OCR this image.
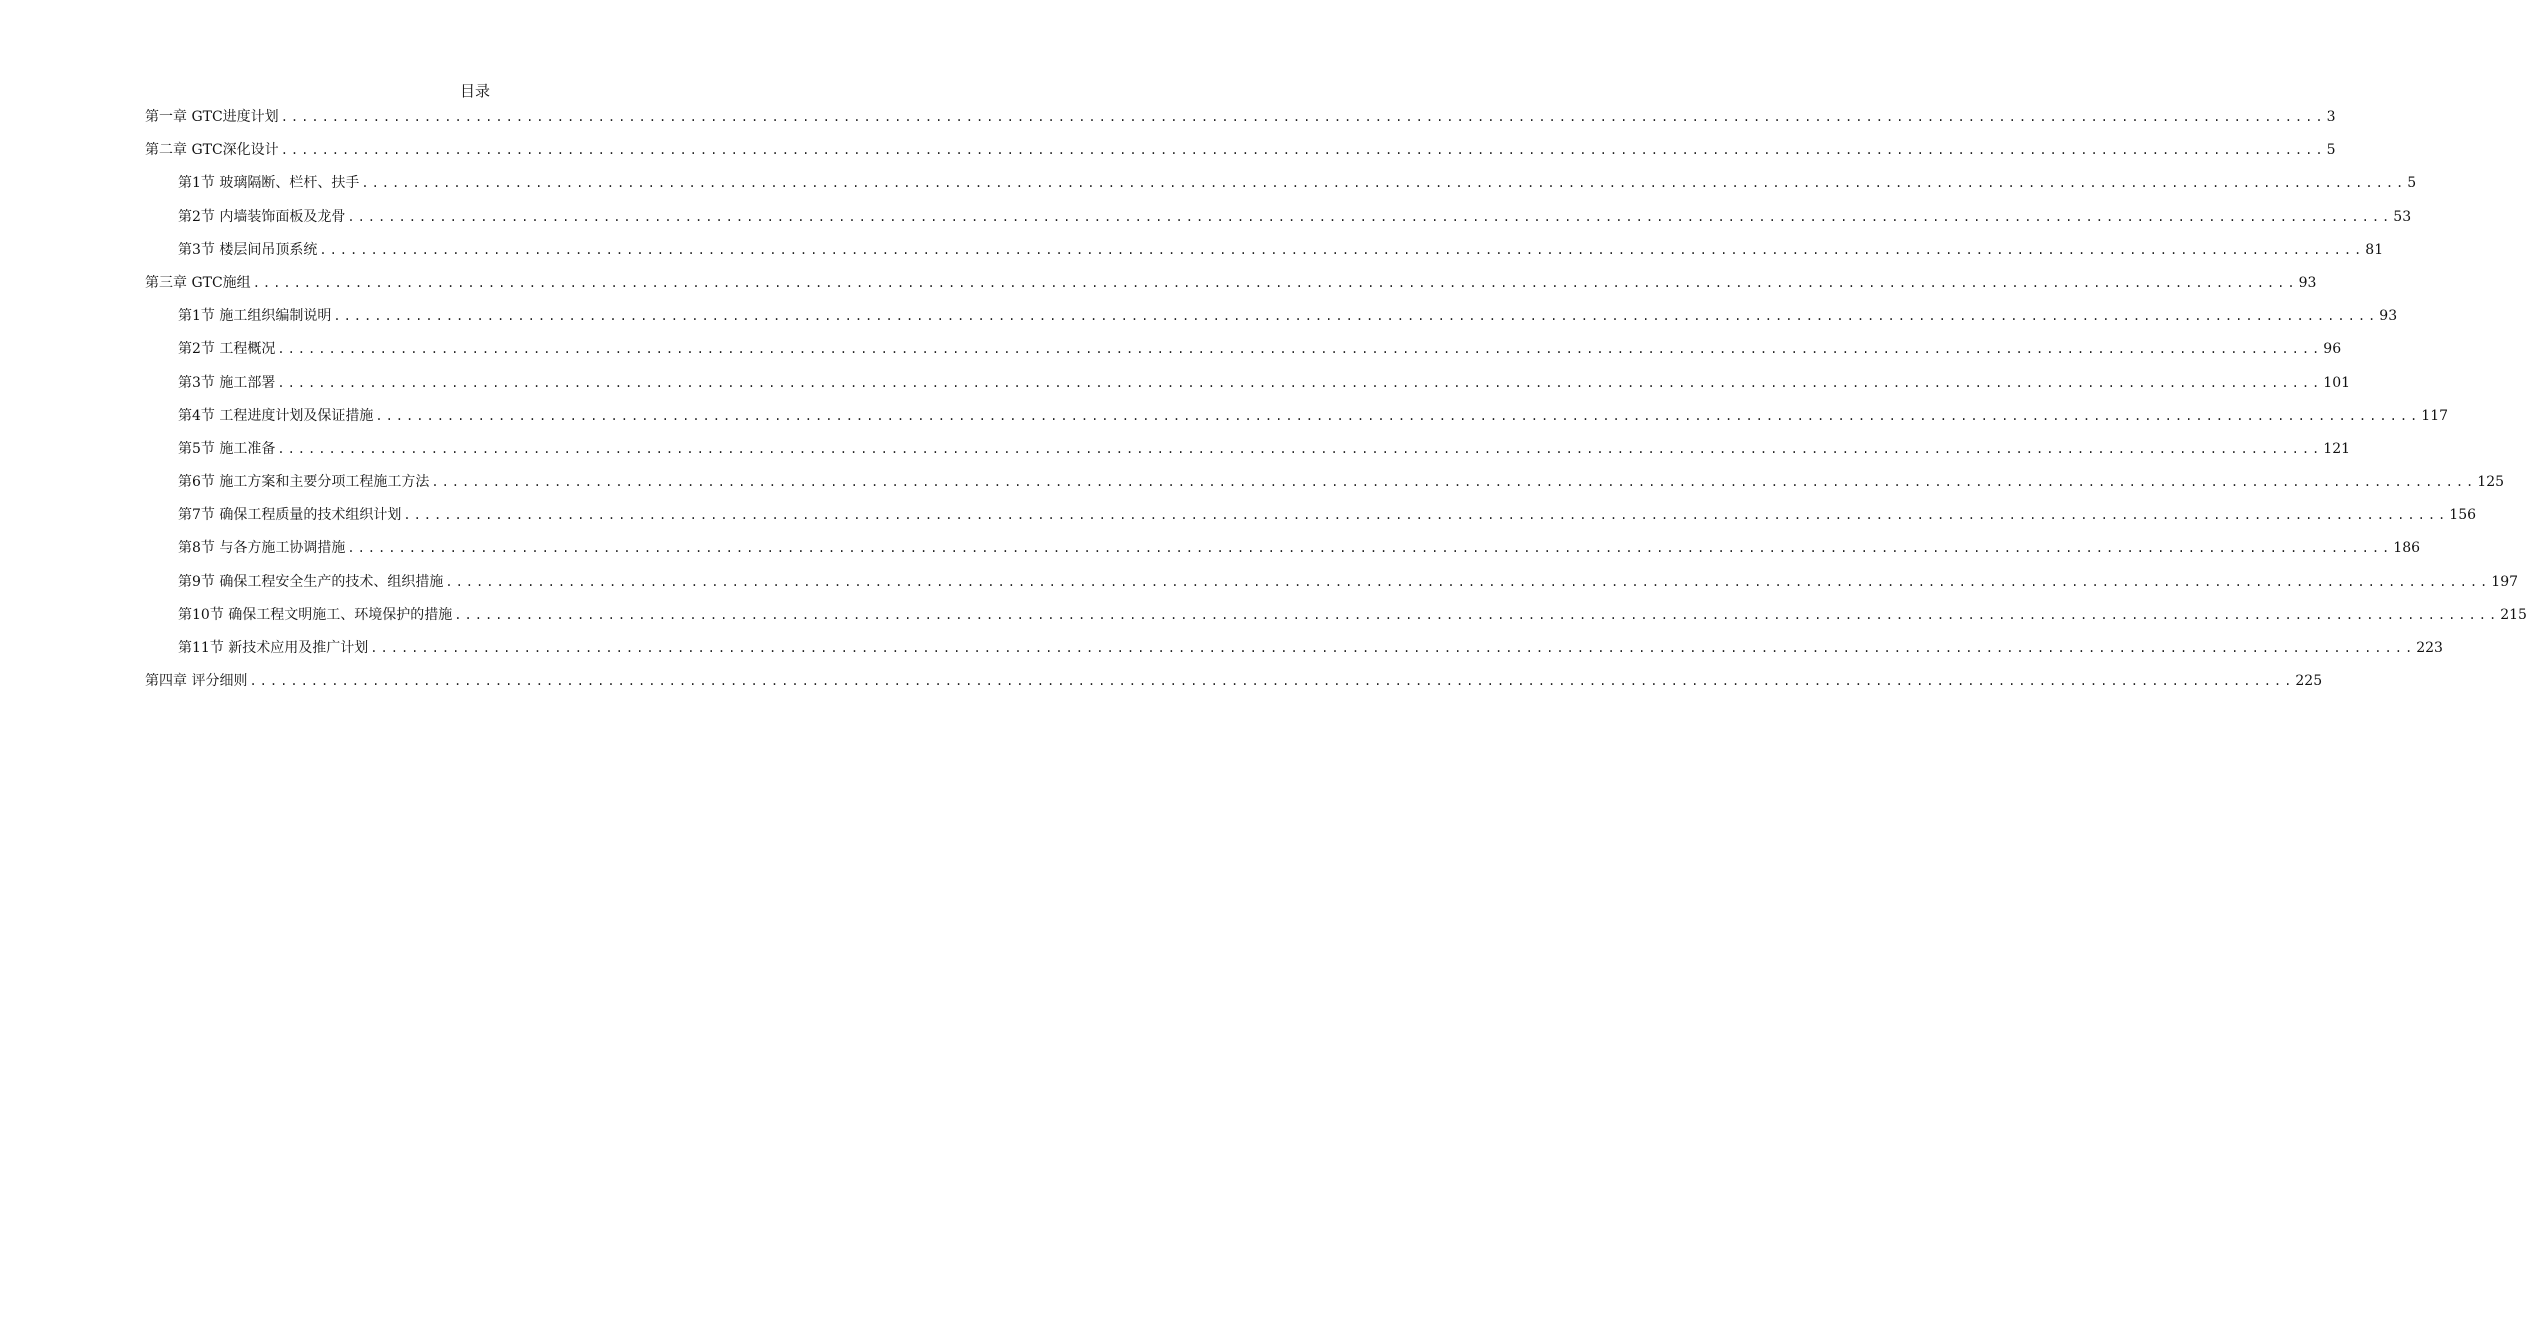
目录
第一章 GTC进度计划 ........................................................................................................................................................................................................ 3
第二章 GTC深化设计 ........................................................................................................................................................................................................ 5
第1节 玻璃隔断、栏杆、扶手 ........................................................................................................................................................................................................ 5
第2节 内墙装饰面板及龙骨 ........................................................................................................................................................................................................ 53
第3节 楼层间吊顶系统 ........................................................................................................................................................................................................ 81
第三章 GTC施组 ........................................................................................................................................................................................................ 93
第1节 施工组织编制说明 ........................................................................................................................................................................................................ 93
第2节 工程概况 ........................................................................................................................................................................................................ 96
第3节 施工部署 ........................................................................................................................................................................................................ 101
第4节 工程进度计划及保证措施 ........................................................................................................................................................................................................ 117
第5节 施工准备 ........................................................................................................................................................................................................ 121
第6节 施工方案和主要分项工程施工方法 ........................................................................................................................................................................................................ 125
第7节 确保工程质量的技术组织计划 ........................................................................................................................................................................................................ 156
第8节 与各方施工协调措施 ........................................................................................................................................................................................................ 186
第9节 确保工程安全生产的技术、组织措施 ........................................................................................................................................................................................................ 197
第10节 确保工程文明施工、环境保护的措施 ........................................................................................................................................................................................................ 215
第11节 新技术应用及推广计划 ........................................................................................................................................................................................................ 223
第四章 评分细则 ........................................................................................................................................................................................................ 225
